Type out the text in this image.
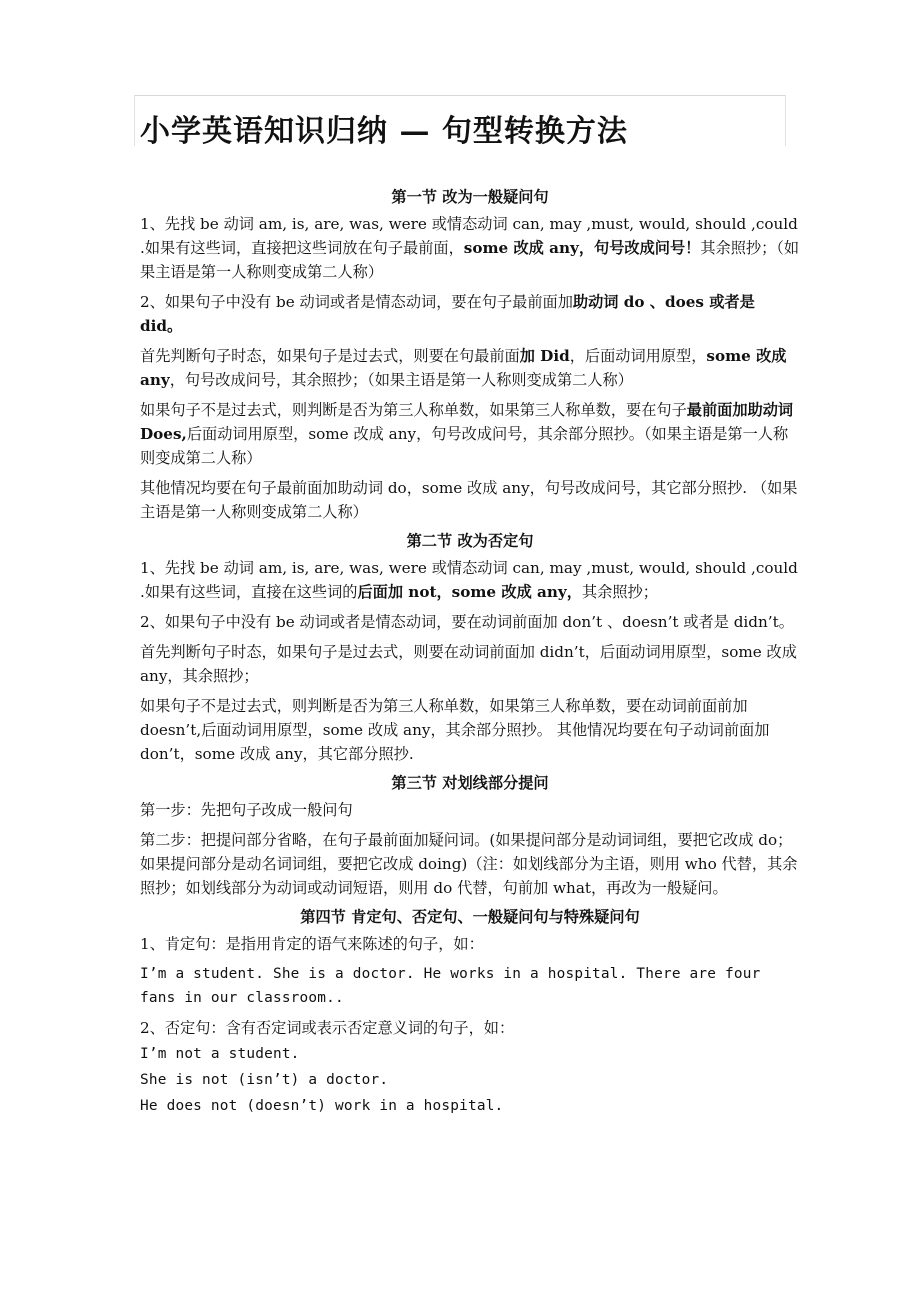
小学英语知识归纳 — 句型转换方法
第一节 改为一般疑问句

1、先找 be 动词 am, is, are, was, were 或情态动词 can, may ,must, would, should ,could .如果有这些词，直接把这些词放在句子最前面，some 改成 any，句号改成问号！其余照抄；（如果主语是第一人称则变成第二人称）

2、如果句子中没有 be 动词或者是情态动词，要在句子最前面加助动词 do 、does 或者是 did。

首先判断句子时态，如果句子是过去式，则要在句最前面加 Did，后面动词用原型，some 改成 any，句号改成问号，其余照抄；（如果主语是第一人称则变成第二人称）

如果句子不是过去式，则判断是否为第三人称单数，如果第三人称单数，要在句子最前面加助动词 Does,后面动词用原型，some 改成 any，句号改成问号，其余部分照抄。（如果主语是第一人称则变成第二人称）

其他情况均要在句子最前面加助动词 do，some 改成 any，句号改成问号，其它部分照抄. （如果主语是第一人称则变成第二人称）

第二节 改为否定句

1、先找 be 动词 am, is, are, was, were 或情态动词 can, may ,must, would, should ,could .如果有这些词，直接在这些词的后面加 not，some 改成 any，其余照抄；

2、如果句子中没有 be 动词或者是情态动词，要在动词前面加 don’t 、doesn’t 或者是 didn’t。

首先判断句子时态，如果句子是过去式，则要在动词前面加 didn’t，后面动词用原型，some 改成 any，其余照抄；

如果句子不是过去式，则判断是否为第三人称单数，如果第三人称单数，要在动词前面前加 doesn’t,后面动词用原型，some 改成 any，其余部分照抄。 其他情况均要在句子动词前面加 don’t，some 改成 any，其它部分照抄.

第三节 对划线部分提问

第一步：先把句子改成一般问句

第二步：把提问部分省略，在句子最前面加疑问词。(如果提问部分是动词词组，要把它改成 do；如果提问部分是动名词词组，要把它改成 doing)（注：如划线部分为主语，则用 who 代替，其余照抄；如划线部分为动词或动词短语，则用 do 代替，句前加 what，再改为一般疑问。

第四节 肯定句、否定句、一般疑问句与特殊疑问句

1、肯定句：是指用肯定的语气来陈述的句子，如：

I’m a student. She is a doctor. He works in a hospital. There are four fans in our classroom..

2、否定句：含有否定词或表示否定意义词的句子，如：

I’m not a student.

She is not (isn’t) a doctor.

He does not (doesn’t) work in a hospital.
